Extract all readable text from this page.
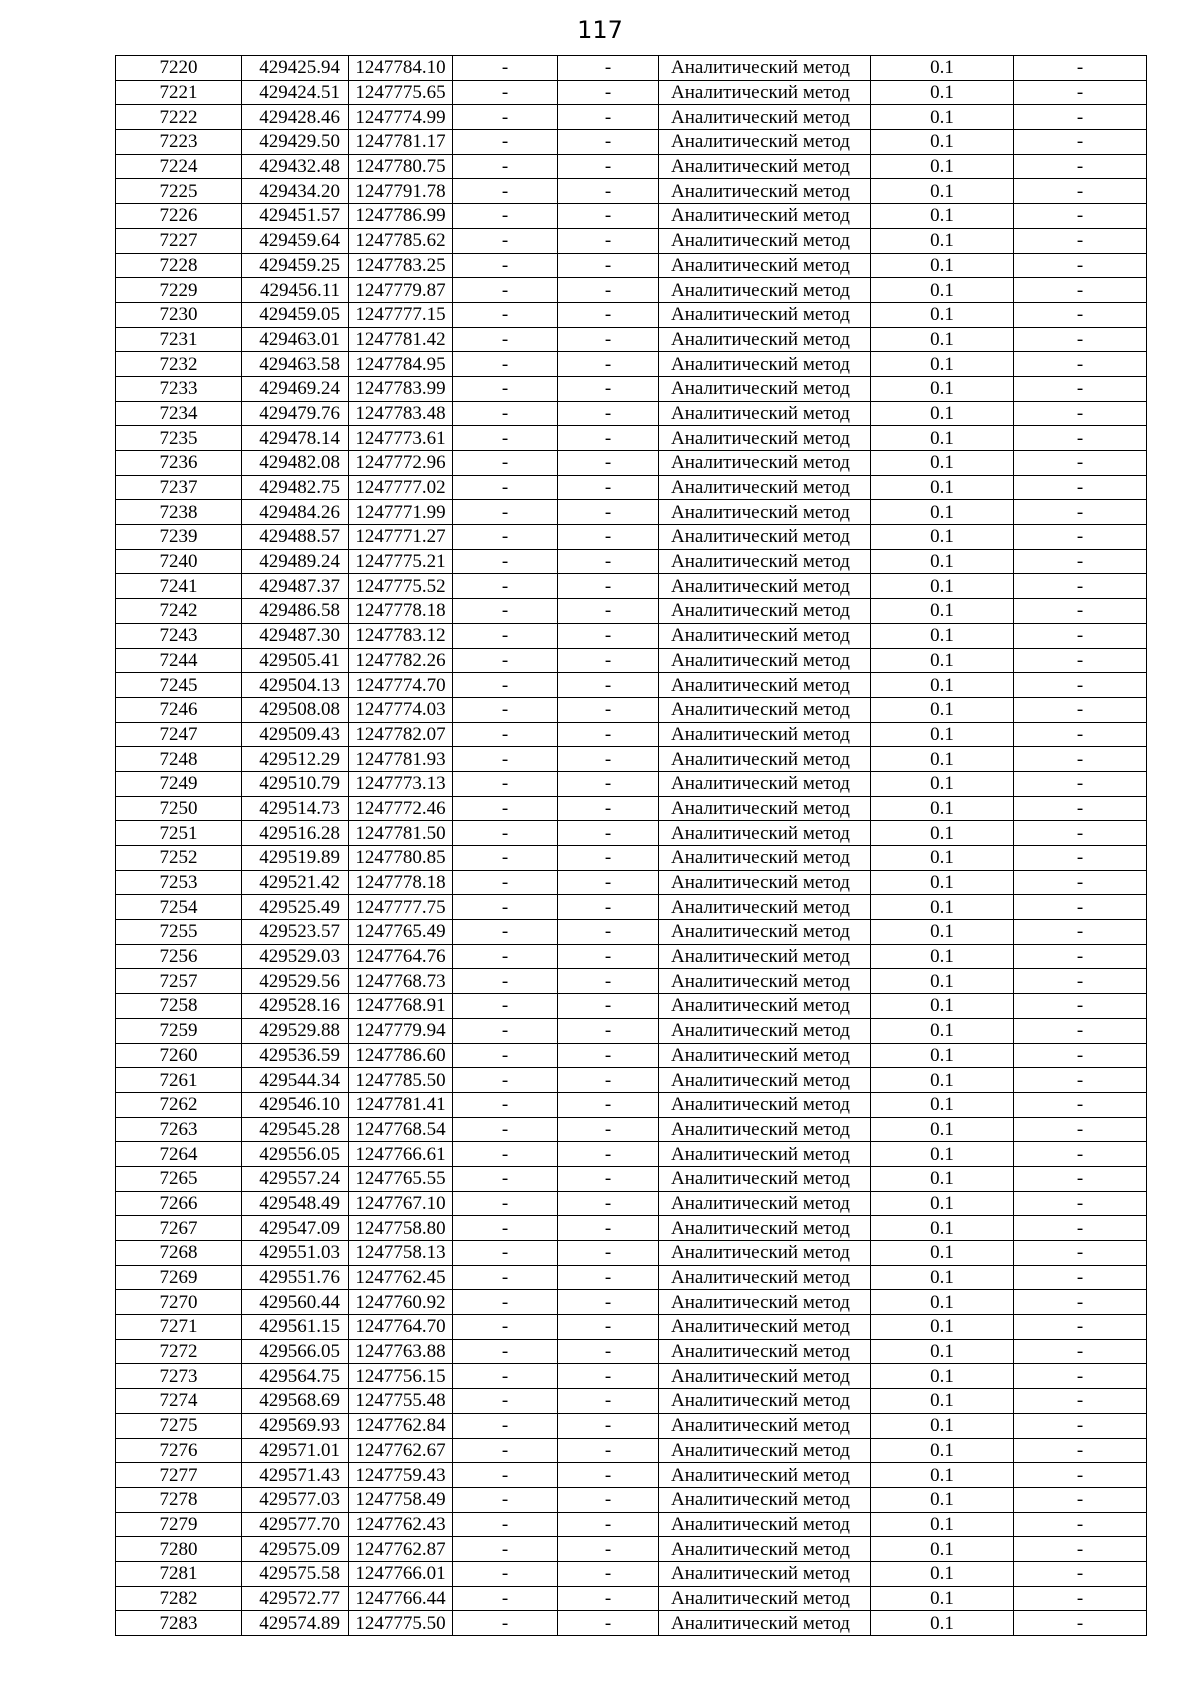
117
7220	429425.94	1247784.10	-	-	Аналитический метод	0.1	-
7221	429424.51	1247775.65	-	-	Аналитический метод	0.1	-
7222	429428.46	1247774.99	-	-	Аналитический метод	0.1	-
7223	429429.50	1247781.17	-	-	Аналитический метод	0.1	-
7224	429432.48	1247780.75	-	-	Аналитический метод	0.1	-
7225	429434.20	1247791.78	-	-	Аналитический метод	0.1	-
7226	429451.57	1247786.99	-	-	Аналитический метод	0.1	-
7227	429459.64	1247785.62	-	-	Аналитический метод	0.1	-
7228	429459.25	1247783.25	-	-	Аналитический метод	0.1	-
7229	429456.11	1247779.87	-	-	Аналитический метод	0.1	-
7230	429459.05	1247777.15	-	-	Аналитический метод	0.1	-
7231	429463.01	1247781.42	-	-	Аналитический метод	0.1	-
7232	429463.58	1247784.95	-	-	Аналитический метод	0.1	-
7233	429469.24	1247783.99	-	-	Аналитический метод	0.1	-
7234	429479.76	1247783.48	-	-	Аналитический метод	0.1	-
7235	429478.14	1247773.61	-	-	Аналитический метод	0.1	-
7236	429482.08	1247772.96	-	-	Аналитический метод	0.1	-
7237	429482.75	1247777.02	-	-	Аналитический метод	0.1	-
7238	429484.26	1247771.99	-	-	Аналитический метод	0.1	-
7239	429488.57	1247771.27	-	-	Аналитический метод	0.1	-
7240	429489.24	1247775.21	-	-	Аналитический метод	0.1	-
7241	429487.37	1247775.52	-	-	Аналитический метод	0.1	-
7242	429486.58	1247778.18	-	-	Аналитический метод	0.1	-
7243	429487.30	1247783.12	-	-	Аналитический метод	0.1	-
7244	429505.41	1247782.26	-	-	Аналитический метод	0.1	-
7245	429504.13	1247774.70	-	-	Аналитический метод	0.1	-
7246	429508.08	1247774.03	-	-	Аналитический метод	0.1	-
7247	429509.43	1247782.07	-	-	Аналитический метод	0.1	-
7248	429512.29	1247781.93	-	-	Аналитический метод	0.1	-
7249	429510.79	1247773.13	-	-	Аналитический метод	0.1	-
7250	429514.73	1247772.46	-	-	Аналитический метод	0.1	-
7251	429516.28	1247781.50	-	-	Аналитический метод	0.1	-
7252	429519.89	1247780.85	-	-	Аналитический метод	0.1	-
7253	429521.42	1247778.18	-	-	Аналитический метод	0.1	-
7254	429525.49	1247777.75	-	-	Аналитический метод	0.1	-
7255	429523.57	1247765.49	-	-	Аналитический метод	0.1	-
7256	429529.03	1247764.76	-	-	Аналитический метод	0.1	-
7257	429529.56	1247768.73	-	-	Аналитический метод	0.1	-
7258	429528.16	1247768.91	-	-	Аналитический метод	0.1	-
7259	429529.88	1247779.94	-	-	Аналитический метод	0.1	-
7260	429536.59	1247786.60	-	-	Аналитический метод	0.1	-
7261	429544.34	1247785.50	-	-	Аналитический метод	0.1	-
7262	429546.10	1247781.41	-	-	Аналитический метод	0.1	-
7263	429545.28	1247768.54	-	-	Аналитический метод	0.1	-
7264	429556.05	1247766.61	-	-	Аналитический метод	0.1	-
7265	429557.24	1247765.55	-	-	Аналитический метод	0.1	-
7266	429548.49	1247767.10	-	-	Аналитический метод	0.1	-
7267	429547.09	1247758.80	-	-	Аналитический метод	0.1	-
7268	429551.03	1247758.13	-	-	Аналитический метод	0.1	-
7269	429551.76	1247762.45	-	-	Аналитический метод	0.1	-
7270	429560.44	1247760.92	-	-	Аналитический метод	0.1	-
7271	429561.15	1247764.70	-	-	Аналитический метод	0.1	-
7272	429566.05	1247763.88	-	-	Аналитический метод	0.1	-
7273	429564.75	1247756.15	-	-	Аналитический метод	0.1	-
7274	429568.69	1247755.48	-	-	Аналитический метод	0.1	-
7275	429569.93	1247762.84	-	-	Аналитический метод	0.1	-
7276	429571.01	1247762.67	-	-	Аналитический метод	0.1	-
7277	429571.43	1247759.43	-	-	Аналитический метод	0.1	-
7278	429577.03	1247758.49	-	-	Аналитический метод	0.1	-
7279	429577.70	1247762.43	-	-	Аналитический метод	0.1	-
7280	429575.09	1247762.87	-	-	Аналитический метод	0.1	-
7281	429575.58	1247766.01	-	-	Аналитический метод	0.1	-
7282	429572.77	1247766.44	-	-	Аналитический метод	0.1	-
7283	429574.89	1247775.50	-	-	Аналитический метод	0.1	-
